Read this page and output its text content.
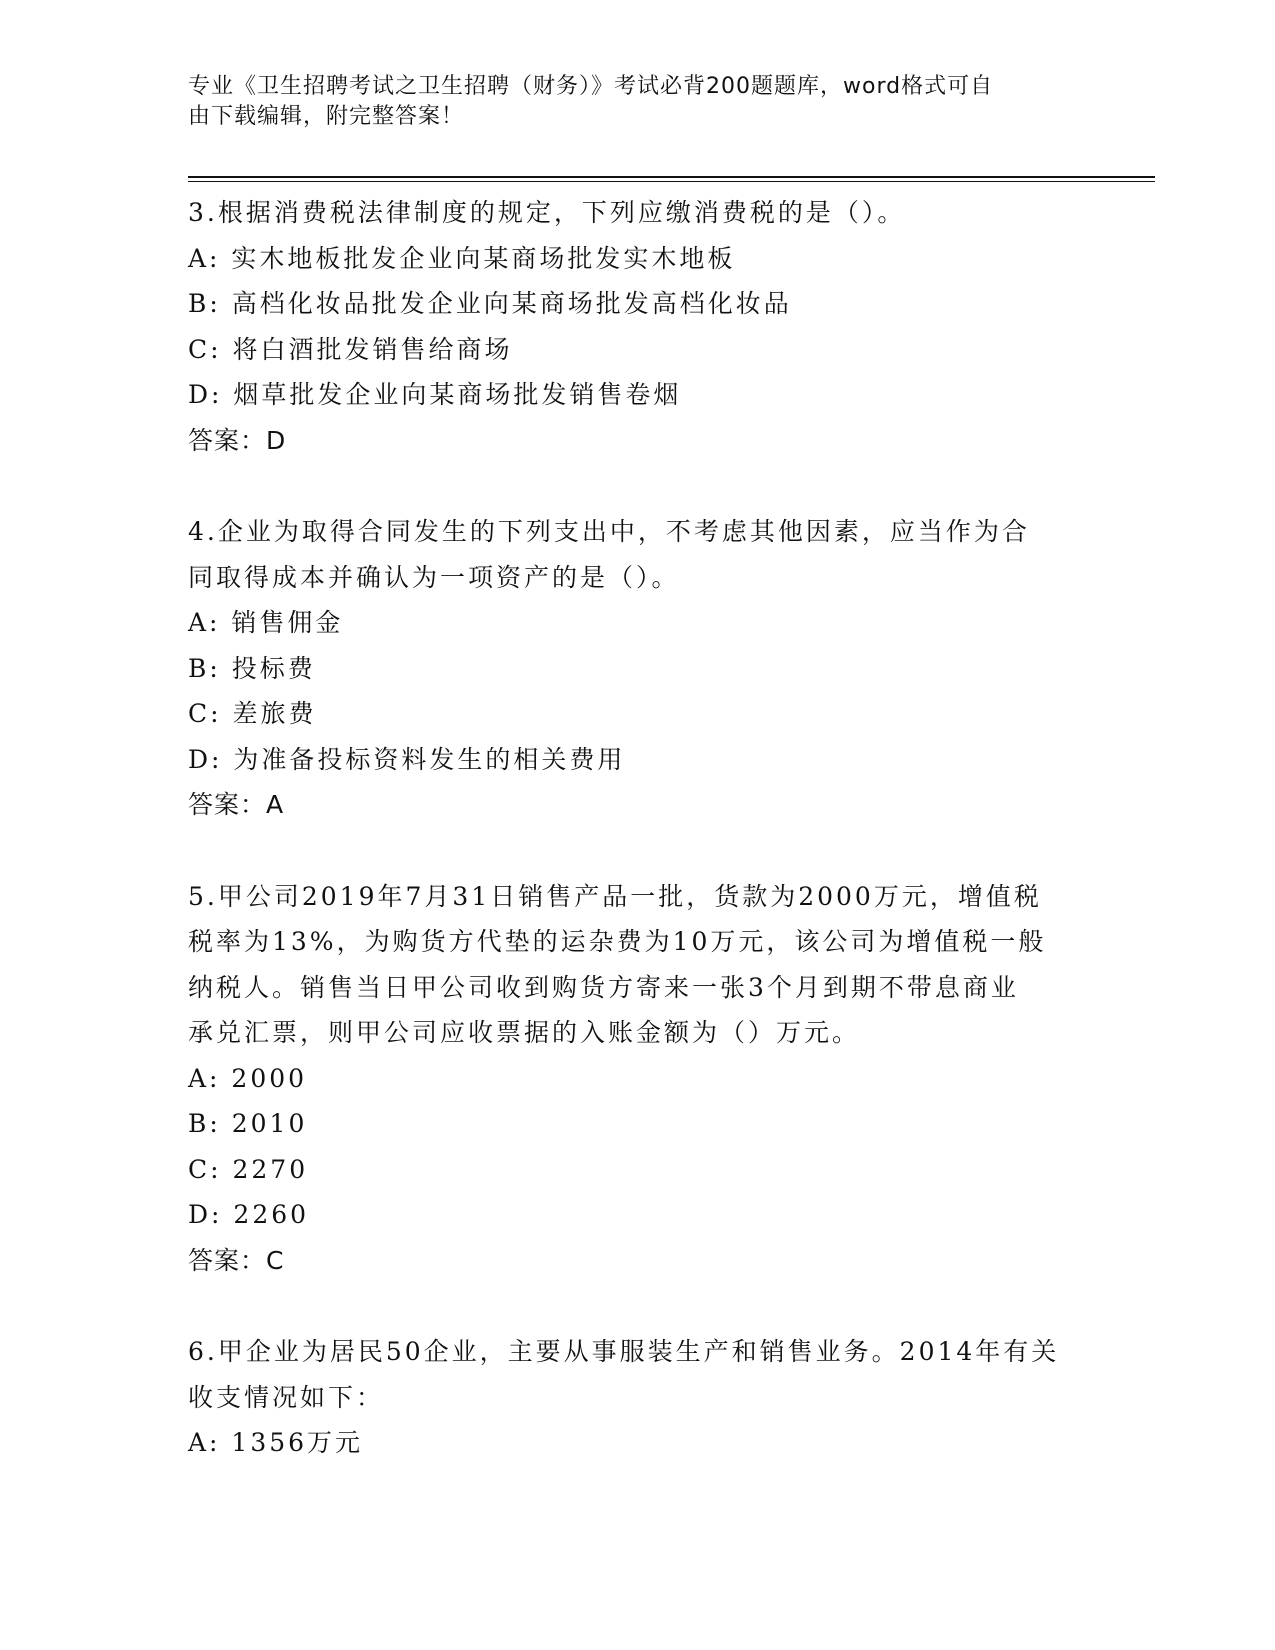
专业《卫生招聘考试之卫生招聘（财务）》考试必背200题题库，word格式可自
由下载编辑，附完整答案！
3.根据消费税法律制度的规定，下列应缴消费税的是（）。
A: 实木地板批发企业向某商场批发实木地板
B: 高档化妆品批发企业向某商场批发高档化妆品
C: 将白酒批发销售给商场
D: 烟草批发企业向某商场批发销售卷烟
答案：D
4.企业为取得合同发生的下列支出中，不考虑其他因素，应当作为合
同取得成本并确认为一项资产的是（）。
A: 销售佣金
B: 投标费
C: 差旅费
D: 为准备投标资料发生的相关费用
答案：A
5.甲公司2019年7月31日销售产品一批，货款为2000万元，增值税
税率为13%，为购货方代垫的运杂费为10万元，该公司为增值税一般
纳税人。销售当日甲公司收到购货方寄来一张3个月到期不带息商业
承兑汇票，则甲公司应收票据的入账金额为（）万元。
A: 2000
B: 2010
C: 2270
D: 2260
答案：C
6.甲企业为居民50企业，主要从事服装生产和销售业务。2014年有关
收支情况如下：
A: 1356万元
